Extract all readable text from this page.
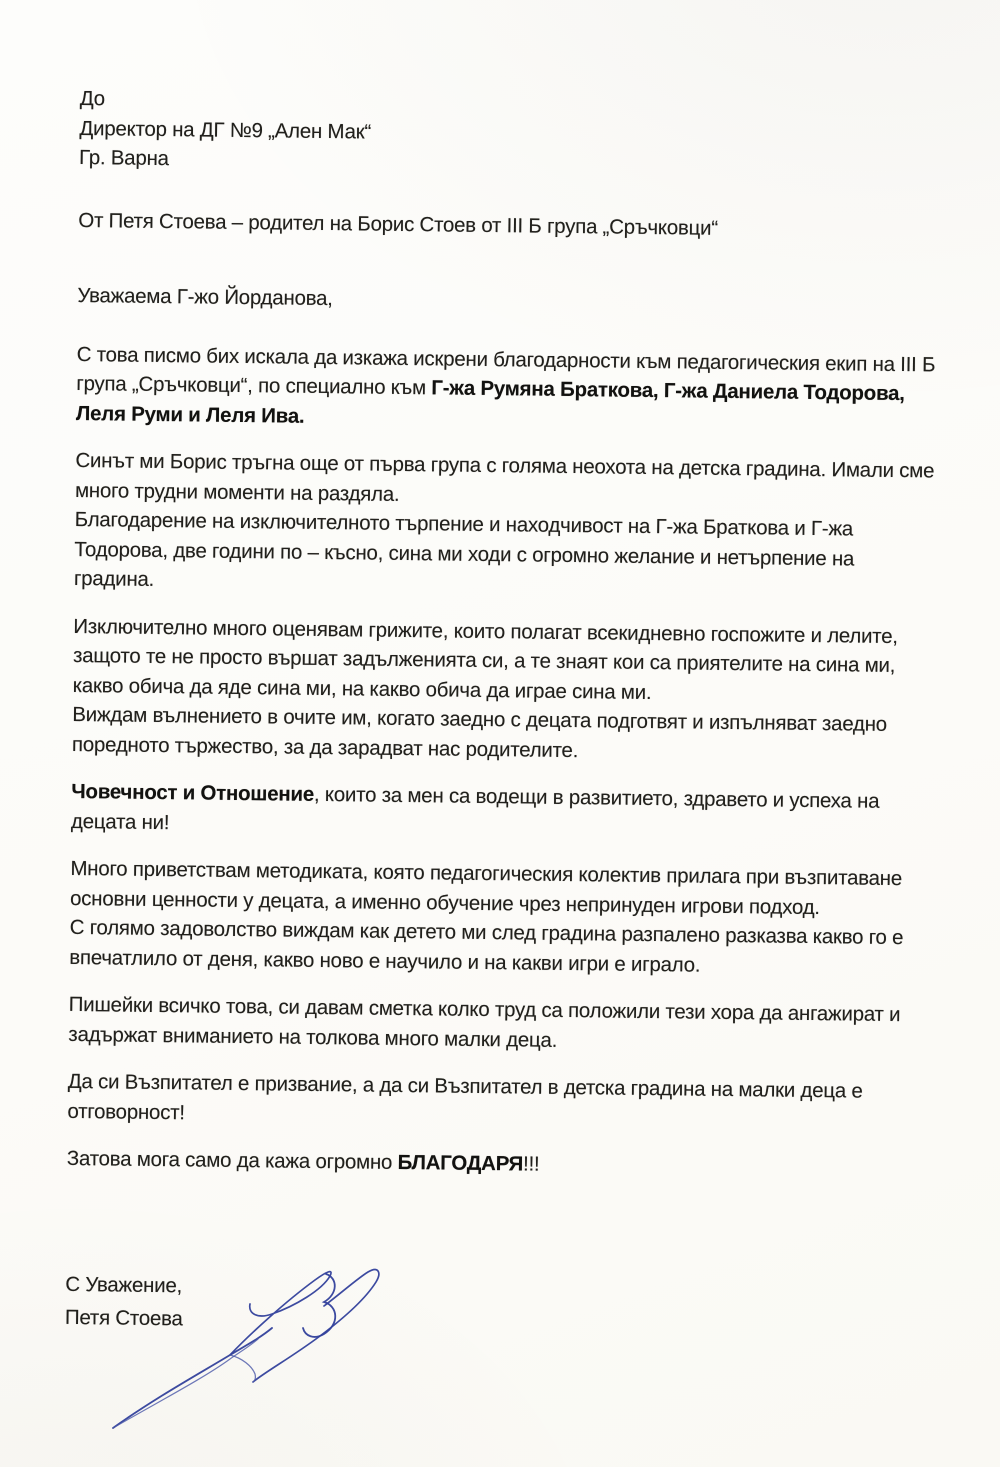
До

Директор на ДГ №9 „Ален Мак“

Гр. Варна

От Петя Стоева – родител на Борис Стоев от III Б група „Сръчковци“

Уважаема Г-жо Йорданова,

С това писмо бих искала да изкажа искрени благодарности към педагогическия екип на III Б група „Сръчковци“, по специално към Г-жа Румяна Браткова, Г-жа Даниела Тодорова, Леля Руми и Леля Ива.

Синът ми Борис тръгна още от първа група с голяма неохота на детска градина. Имали сме много трудни моменти на раздяла.
Благодарение на изключителното търпение и находчивост на Г-жа Браткова и Г-жа Тодорова, две години по – късно, сина ми ходи с огромно желание и нетърпение на градина.

Изключително много оценявам грижите, които полагат всекидневно госпожите и лелите, защото те не просто вършат задълженията си, а те знаят кои са приятелите на сина ми, какво обича да яде сина ми, на какво обича да играе сина ми.
Виждам вълнението в очите им, когато заедно с децата подготвят и изпълняват заедно поредното тържество, за да зарадват нас родителите.

Човечност и Отношение, които за мен са водещи в развитието, здравето и успеха на децата ни!

Много приветствам методиката, която педагогическия колектив прилага при възпитаване основни ценности у децата, а именно обучение чрез непринуден игрови подход.
С голямо задоволство виждам как детето ми след градина разпалено разказва какво го е впечатлило от деня, какво ново е научило и на какви игри е играло.

Пишейки всичко това, си давам сметка колко труд са положили тези хора да ангажират и задържат вниманието на толкова много малки деца.

Да си Възпитател е призвание, а да си Възпитател в детска градина на малки деца е отговорност!

Затова мога само да кажа огромно БЛАГОДАРЯ!!!

С Уважение,

Петя Стоева
